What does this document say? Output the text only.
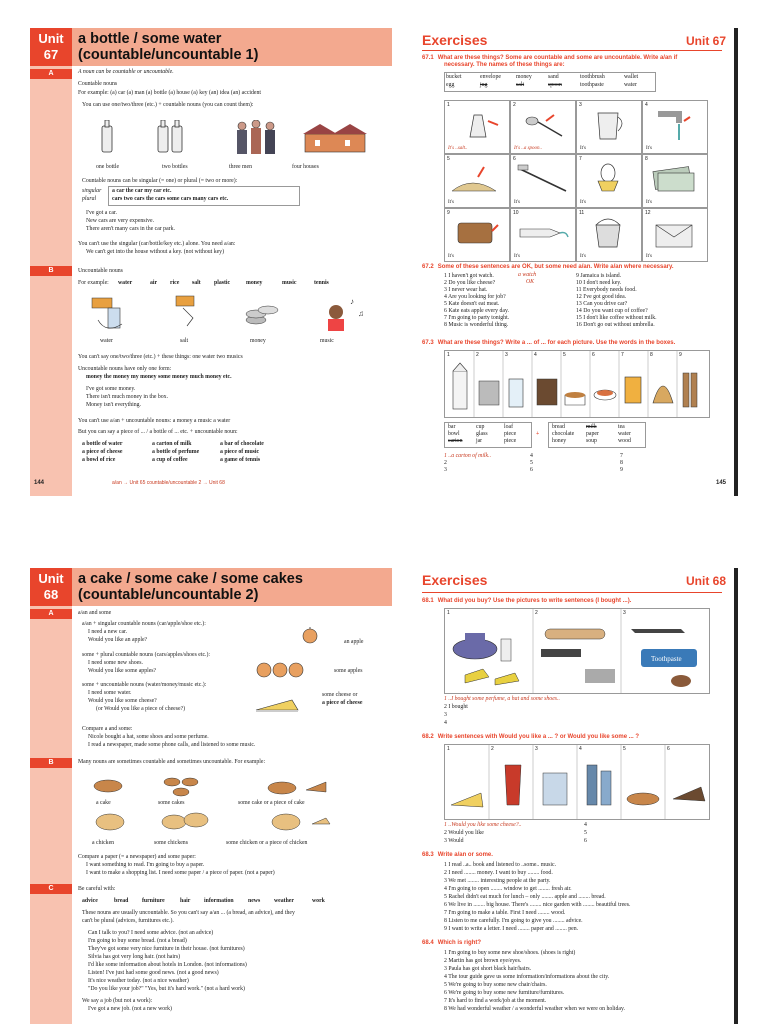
Unit
67
a bottle / some water
(countable/uncountable 1)
A
B
A noun can be countable or uncountable.
Countable nouns
For example: (a) car (a) man (a) bottle (a) house (a) key (an) idea (an) accident
You can use one/two/three (etc.) + countable nouns (you can count them):
one bottle	two bottles	three men	four houses
Countable nouns can be singular (= one) or plural (= two or more):
singular
plural
a car the car my car etc.
cars two cars the cars some cars many cars etc.
I've got a car.
New cars are very expensive.
There aren't many cars in the car park.
You can't use the singular (car/bottle/key etc.) alone. You need a/an:
We can't get into the house without a key. (not without key)
Uncountable nouns
For example: water	air rice salt plastic	money	music	tennis
♪
♫
water	salt	money	music
You can't say one/two/three (etc.) + these things: one water two musics
Uncountable nouns have only one form:
money the money my money some money much money etc.
I've got some money.
There isn't much money in the box.
Money isn't everything.
You can't use a/an + uncountable nouns: a money a music a water
But you can say a piece of ... / a bottle of ... etc. + uncountable noun:
a bottle of water	a carton of milk	a bar of chocolate
a piece of cheese	a bottle of perfume	a piece of music
a bowl of rice	a cup of coffee	a game of tennis
144	a/an → Unit 65 countable/uncountable 2 → Unit 68
Exercises	Unit 67
67.1 What are these things? Some are countable and some are uncountable. Write a/an if
necessary. The names of these things are:
bucket	envelope	money	sand	toothbrush	wallet
egg	jug	salt	spoon	toothpaste	water
1
It's ..salt..
2
It's ..a spoon..
3
It's
4
It's
5
It's
6
It's
7
It's
8
It's
9
It's
10
It's
11
It's
12
It's
67.2 Some of these sentences are OK, but some need a/an. Write a/an where necessary.
1 I haven't got watch.	a watch
2 Do you like cheese?	OK
3 I never wear hat.
4 Are you looking for job?
5 Kate doesn't eat meat.
6 Kate eats apple every day.
7 I'm going to party tonight.
8 Music is wonderful thing.
9 Jamaica is island.
10 I don't need key.
11 Everybody needs food.
12 I've got good idea.
13 Can you drive car?
14 Do you want cup of coffee?
15 I don't like coffee without milk.
16 Don't go out without umbrella.
67.3 What are these things? Write a ... of ... for each picture. Use the words in the boxes.
1	2	3	4	5	6	7	8	9
bar	cup	loaf
bowl	glass	piece
carton jar	piece
+
bread	milk	tea
chocolate paper	water
honey	soup	wood
1 ..a carton of milk..
2
3
4
5
6
7
8
9
145
Unit
68
a cake / some cake / some cakes
(countable/uncountable 2)
A
B
C
a/an and some
a/an + singular countable nouns (car/apple/shoe etc.):
I need a new car.
Would you like an apple?	an apple
some + plural countable nouns (cars/apples/shoes etc.):
I need some new shoes.
Would you like some apples?	some apples
some + uncountable nouns (water/money/music etc.):
I need some water.
Would you like some cheese?
(or Would you like a piece of cheese?)
some cheese or
a piece of cheese
Compare a and some:
Nicole bought a hat, some shoes and some perfume.
I read a newspaper, made some phone calls, and listened to some music.
Many nouns are sometimes countable and sometimes uncountable. For example:
a cake	some cakes	some cake or a piece of cake
a chicken	some chickens	some chicken or a piece of chicken
Compare a paper (= a newspaper) and some paper:
I want something to read. I'm going to buy a paper.
I want to make a shopping list. I need some paper / a piece of paper. (not a paper)
Be careful with:
advice	bread furniture	hair information news weather	work
These nouns are usually uncountable. So you can't say a/an ... (a bread, an advice), and they
can't be plural (advices, furnitures etc.).
Can I talk to you? I need some advice. (not an advice)
I'm going to buy some bread. (not a bread)
They've got some very nice furniture in their house. (not furnitures)
Silvia has got very long hair. (not hairs)
I'd like some information about hotels in London. (not informations)
Listen! I've just had some good news. (not a good news)
It's nice weather today. (not a nice weather)
"Do you like your job?" "Yes, but it's hard work." (not a hard work)
We say a job (but not a work):
I've got a new job. (not a new work)
Exercises	Unit 68
68.1 What did you buy? Use the pictures to write sentences (I bought ...).
1	2	3
Toothpaste
1 ..I bought some perfume, a hat and some shoes..
2 I bought
3
4
68.2 Write sentences with Would you like a ... ? or Would you like some ... ?
1	2	3	4	5	6
1 ..Would you like some cheese?..
2 Would you like
3 Would
4
5
6
68.3 Write a/an or some.
1 I read ..a.. book and listened to ..some.. music.
2 I need ........ money. I want to buy ........ food.
3 We met ........ interesting people at the party.
4 I'm going to open ........ window to get ........ fresh air.
5 Rachel didn't eat much for lunch – only ........ apple and ........ bread.
6 We live in ........ big house. There's ........ nice garden with ........ beautiful trees.
7 I'm going to make a table. First I need ........ wood.
8 Listen to me carefully. I'm going to give you ........ advice.
9 I want to write a letter. I need ........ paper and ........ pen.
68.4 Which is right?
1 I'm going to buy some new shoe/shoes. (shoes is right)
2 Martin has got brown eye/eyes.
3 Paula has got short black hair/hairs.
4 The tour guide gave us some information/informations about the city.
5 We're going to buy some new chair/chairs.
6 We're going to buy some new furniture/furnitures.
7 It's hard to find a work/job at the moment.
8 We had wonderful weather / a wonderful weather when we were on holiday.
